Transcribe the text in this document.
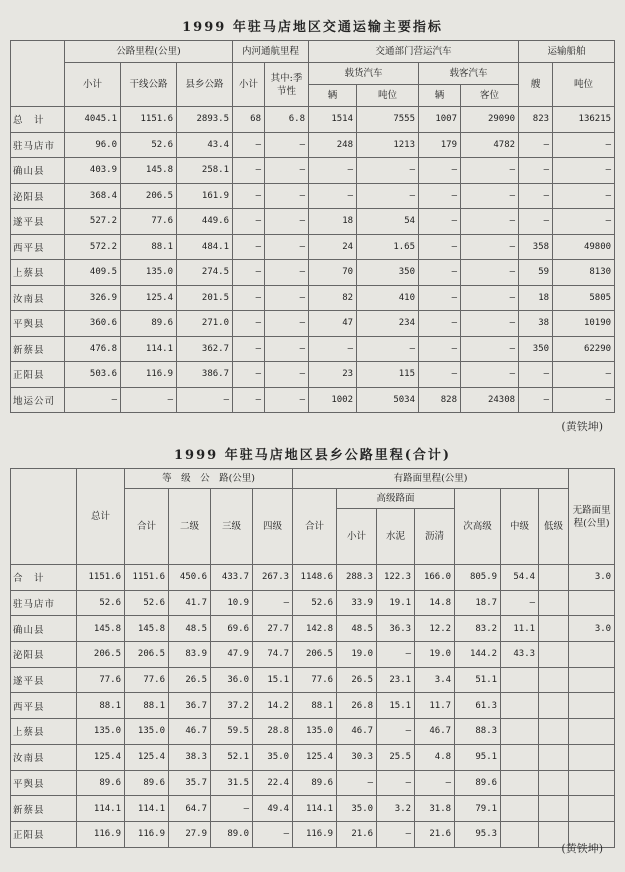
1999 年驻马店地区交通运输主要指标
	公路里程(公里)			内河通航里程		交通部门营运汽车				运输船舶	
	小计	干线公路	县乡公路	小计	其中:季节性	载货汽车		载客汽车		艘	吨位
						辆	吨位	辆	客位		
总　计	4045.1	1151.6	2893.5	68	6.8	1514	7555	1007	29090	823	136215
驻马店市	96.0	52.6	43.4	—	—	248	1213	179	4782	—	—
确山县	403.9	145.8	258.1	—	—	—	—	—	—	—	—
泌阳县	368.4	206.5	161.9	—	—	—	—	—	—	—	—
遂平县	527.2	77.6	449.6	—	—	18	54	—	—	—	—
西平县	572.2	88.1	484.1	—	—	24	1.65	—	—	358	49800
上蔡县	409.5	135.0	274.5	—	—	70	350	—	—	59	8130
汝南县	326.9	125.4	201.5	—	—	82	410	—	—	18	5805
平舆县	360.6	89.6	271.0	—	—	47	234	—	—	38	10190
新蔡县	476.8	114.1	362.7	—	—	—	—	—	—	350	62290
正阳县	503.6	116.9	386.7	—	—	23	115	—	—	—	—
地运公司	—	—	—	—	—	1002	5034	828	24308	—	—
(黄铁坤)
1999 年驻马店地区县乡公路里程(合计)
	总计	等　级　公　路(公里)				有路面里程(公里)							无路面里程(公里)
		合计	二级	三级	四级	合计	高级路面			次高级	中级	低级	
							小计	水泥	沥清				
合　计	1151.6	1151.6	450.6	433.7	267.3	1148.6	288.3	122.3	166.0	805.9	54.4		3.0
驻马店市	52.6	52.6	41.7	10.9	—	52.6	33.9	19.1	14.8	18.7	—		
确山县	145.8	145.8	48.5	69.6	27.7	142.8	48.5	36.3	12.2	83.2	11.1		3.0
泌阳县	206.5	206.5	83.9	47.9	74.7	206.5	19.0	—	19.0	144.2	43.3		
遂平县	77.6	77.6	26.5	36.0	15.1	77.6	26.5	23.1	3.4	51.1			
西平县	88.1	88.1	36.7	37.2	14.2	88.1	26.8	15.1	11.7	61.3			
上蔡县	135.0	135.0	46.7	59.5	28.8	135.0	46.7	—	46.7	88.3			
汝南县	125.4	125.4	38.3	52.1	35.0	125.4	30.3	25.5	4.8	95.1			
平舆县	89.6	89.6	35.7	31.5	22.4	89.6	—	—	—	89.6			
新蔡县	114.1	114.1	64.7	—	49.4	114.1	35.0	3.2	31.8	79.1			
正阳县	116.9	116.9	27.9	89.0	—	116.9	21.6	—	21.6	95.3			
(黄铁坤)
